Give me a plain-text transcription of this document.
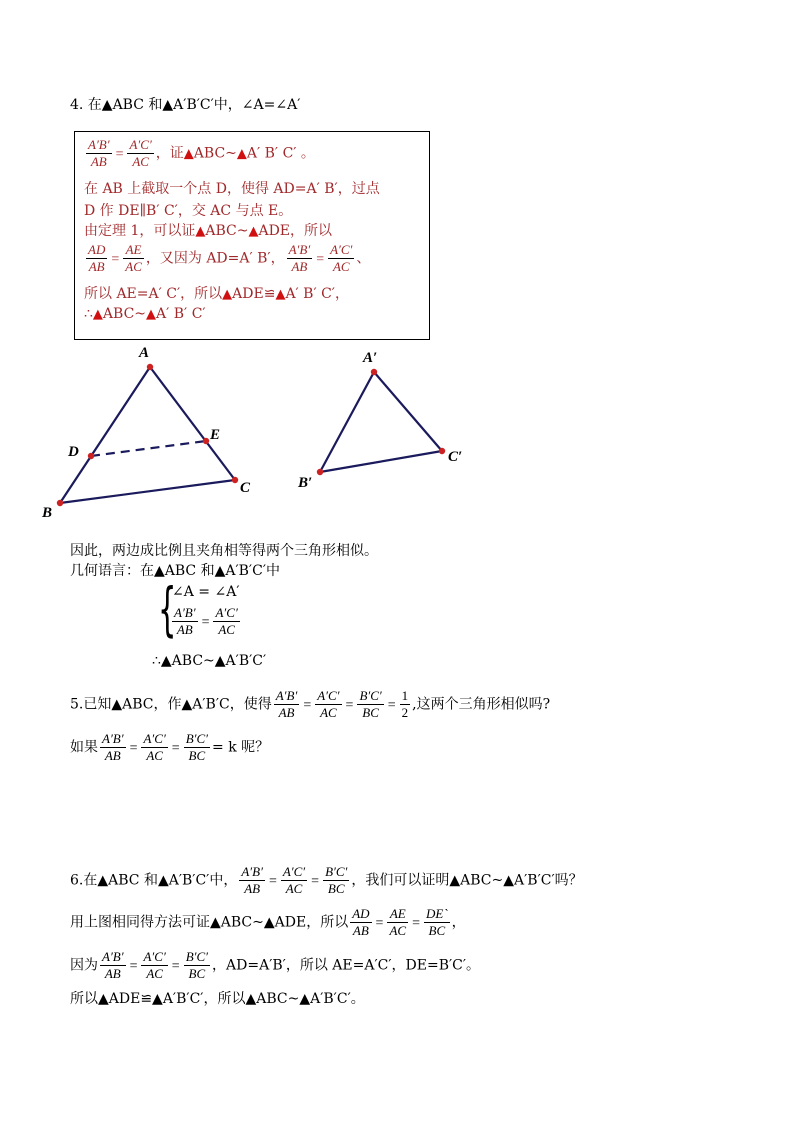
4. 在▲ABC 和▲A′B′C′中，∠A=∠A′
$\frac{A'B'}{AB} = \frac{A'C'}{AC}$ ，证▲ABC~▲A′ B′ C′ 。
在 AB 上截取一个点 D，使得 AD=A′ B′，过点
D 作 DE∥B′ C′，交 AC 与点 E。
由定理 1，可以证▲ABC~▲ADE，所以
$\frac{AD}{AB} = \frac{AE}{AC}$ ，又因为 AD=A′ B′， $\frac{A'B'}{AB} = \frac{A'C'}{AC}$ 、
所以 AE=A′ C′，所以▲ADE≌▲A′ B′ C′，
∴▲ABC~▲A′ B′ C′
A
B
C
D
E
A′
B′
C′
因此，两边成比例且夹角相等得两个三角形相似。
几何语言：在▲ABC 和▲A′B′C′中
{
∠A = ∠A′
$\frac{A'B'}{AB} = \frac{A'C'}{AC}$
∴▲ABC~▲A′B′C′
5.已知▲ABC，作▲A′B′C，使得 $\frac{A'B'}{AB} = \frac{A'C'}{AC} = \frac{B'C'}{BC} = \frac{1}{2}$ ,这两个三角形相似吗?
如果 $\frac{A'B'}{AB} = \frac{A'C'}{AC} = \frac{B'C'}{BC} = k$ 呢？
6.在▲ABC 和▲A′B′C′中， $\frac{A'B'}{AB} = \frac{A'C'}{AC} = \frac{B'C'}{BC}$ ，我们可以证明▲ABC~▲A′B′C′吗？
用上图相同得方法可证▲ABC~▲ADE，所以 $\frac{AD}{AB} = \frac{AE}{AC} = \frac{DE`}{BC}$ ，
因为 $\frac{A'B'}{AB} = \frac{A'C'}{AC} = \frac{B'C'}{BC}$ ，AD=A′B′，所以 AE=A′C′，DE=B′C′。
所以▲ADE≌▲A′B′C′，所以▲ABC~▲A′B′C′。
